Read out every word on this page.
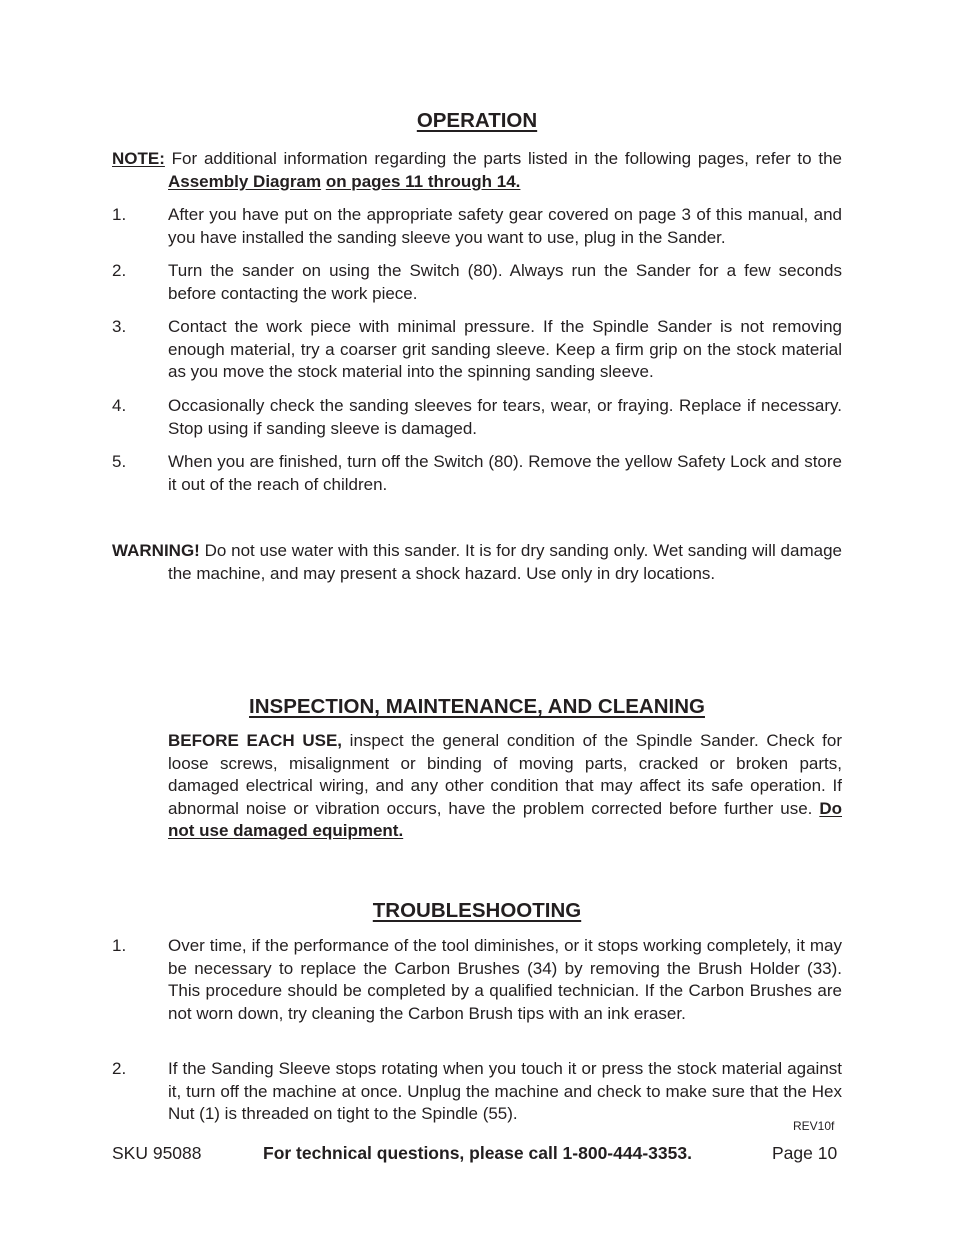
OPERATION
NOTE: For additional information regarding the parts listed in the following pages, refer to the Assembly Diagram on pages 11 through 14.
1. After you have put on the appropriate safety gear covered on page 3 of this manual, and you have installed the sanding sleeve you want to use, plug in the Sander.
2. Turn the sander on using the Switch (80). Always run the Sander for a few seconds before contacting the work piece.
3. Contact the work piece with minimal pressure. If the Spindle Sander is not removing enough material, try a coarser grit sanding sleeve. Keep a firm grip on the stock material as you move the stock material into the spinning sanding sleeve.
4. Occasionally check the sanding sleeves for tears, wear, or fraying. Replace if necessary. Stop using if sanding sleeve is damaged.
5. When you are finished, turn off the Switch (80). Remove the yellow Safety Lock and store it out of the reach of children.
WARNING! Do not use water with this sander. It is for dry sanding only. Wet sanding will damage the machine, and may present a shock hazard. Use only in dry locations.
INSPECTION, MAINTENANCE, AND CLEANING
BEFORE EACH USE, inspect the general condition of the Spindle Sander. Check for loose screws, misalignment or binding of moving parts, cracked or broken parts, damaged electrical wiring, and any other condition that may affect its safe operation. If abnormal noise or vibration occurs, have the problem corrected before further use. Do not use damaged equipment.
TROUBLESHOOTING
1. Over time, if the performance of the tool diminishes, or it stops working completely, it may be necessary to replace the Carbon Brushes (34) by removing the Brush Holder (33). This procedure should be completed by a qualified technician. If the Carbon Brushes are not worn down, try cleaning the Carbon Brush tips with an ink eraser.
2. If the Sanding Sleeve stops rotating when you touch it or press the stock material against it, turn off the machine at once. Unplug the machine and check to make sure that the Hex Nut (1) is threaded on tight to the Spindle (55).
REV10f
SKU 95088	For technical questions, please call 1-800-444-3353.	Page 10
